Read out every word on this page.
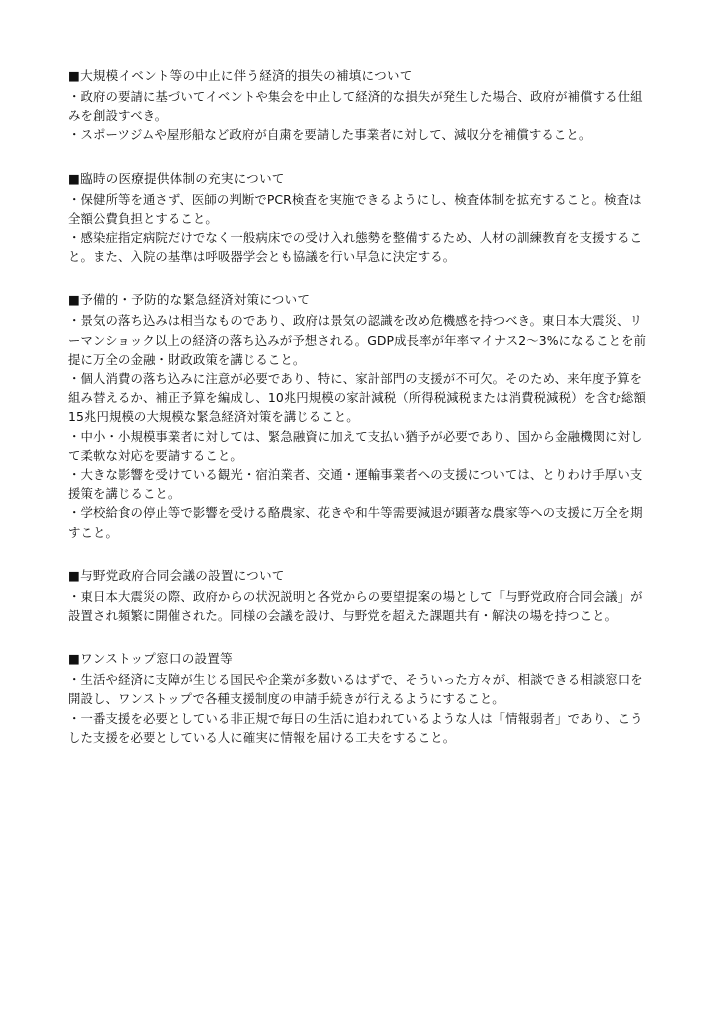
■大規模イベント等の中止に伴う経済的損失の補填について

・政府の要請に基づいてイベントや集会を中止して経済的な損失が発生した場合、政府が補償する仕組みを創設すべき。

・スポーツジムや屋形船など政府が自粛を要請した事業者に対して、減収分を補償すること。

■臨時の医療提供体制の充実について

・保健所等を通さず、医師の判断でPCR検査を実施できるようにし、検査体制を拡充すること。検査は全額公費負担とすること。

・感染症指定病院だけでなく一般病床での受け入れ態勢を整備するため、人材の訓練教育を支援すること。また、入院の基準は呼吸器学会とも協議を行い早急に決定する。

■予備的・予防的な緊急経済対策について

・景気の落ち込みは相当なものであり、政府は景気の認識を改め危機感を持つべき。東日本大震災、リーマンショック以上の経済の落ち込みが予想される。GDP成長率が年率マイナス2〜3%になることを前提に万全の金融・財政政策を講じること。

・個人消費の落ち込みに注意が必要であり、特に、家計部門の支援が不可欠。そのため、来年度予算を組み替えるか、補正予算を編成し、10兆円規模の家計減税（所得税減税または消費税減税）を含む総額15兆円規模の大規模な緊急経済対策を講じること。

・中小・小規模事業者に対しては、緊急融資に加えて支払い猶予が必要であり、国から金融機関に対して柔軟な対応を要請すること。

・大きな影響を受けている観光・宿泊業者、交通・運輸事業者への支援については、とりわけ手厚い支援策を講じること。

・学校給食の停止等で影響を受ける酪農家、花きや和牛等需要減退が顕著な農家等への支援に万全を期すこと。

■与野党政府合同会議の設置について

・東日本大震災の際、政府からの状況説明と各党からの要望提案の場として「与野党政府合同会議」が設置され頻繁に開催された。同様の会議を設け、与野党を超えた課題共有・解決の場を持つこと。

■ワンストップ窓口の設置等

・生活や経済に支障が生じる国民や企業が多数いるはずで、そういった方々が、相談できる相談窓口を開設し、ワンストップで各種支援制度の申請手続きが行えるようにすること。

・一番支援を必要としている非正規で毎日の生活に追われているような人は「情報弱者」であり、こうした支援を必要としている人に確実に情報を届ける工夫をすること。
